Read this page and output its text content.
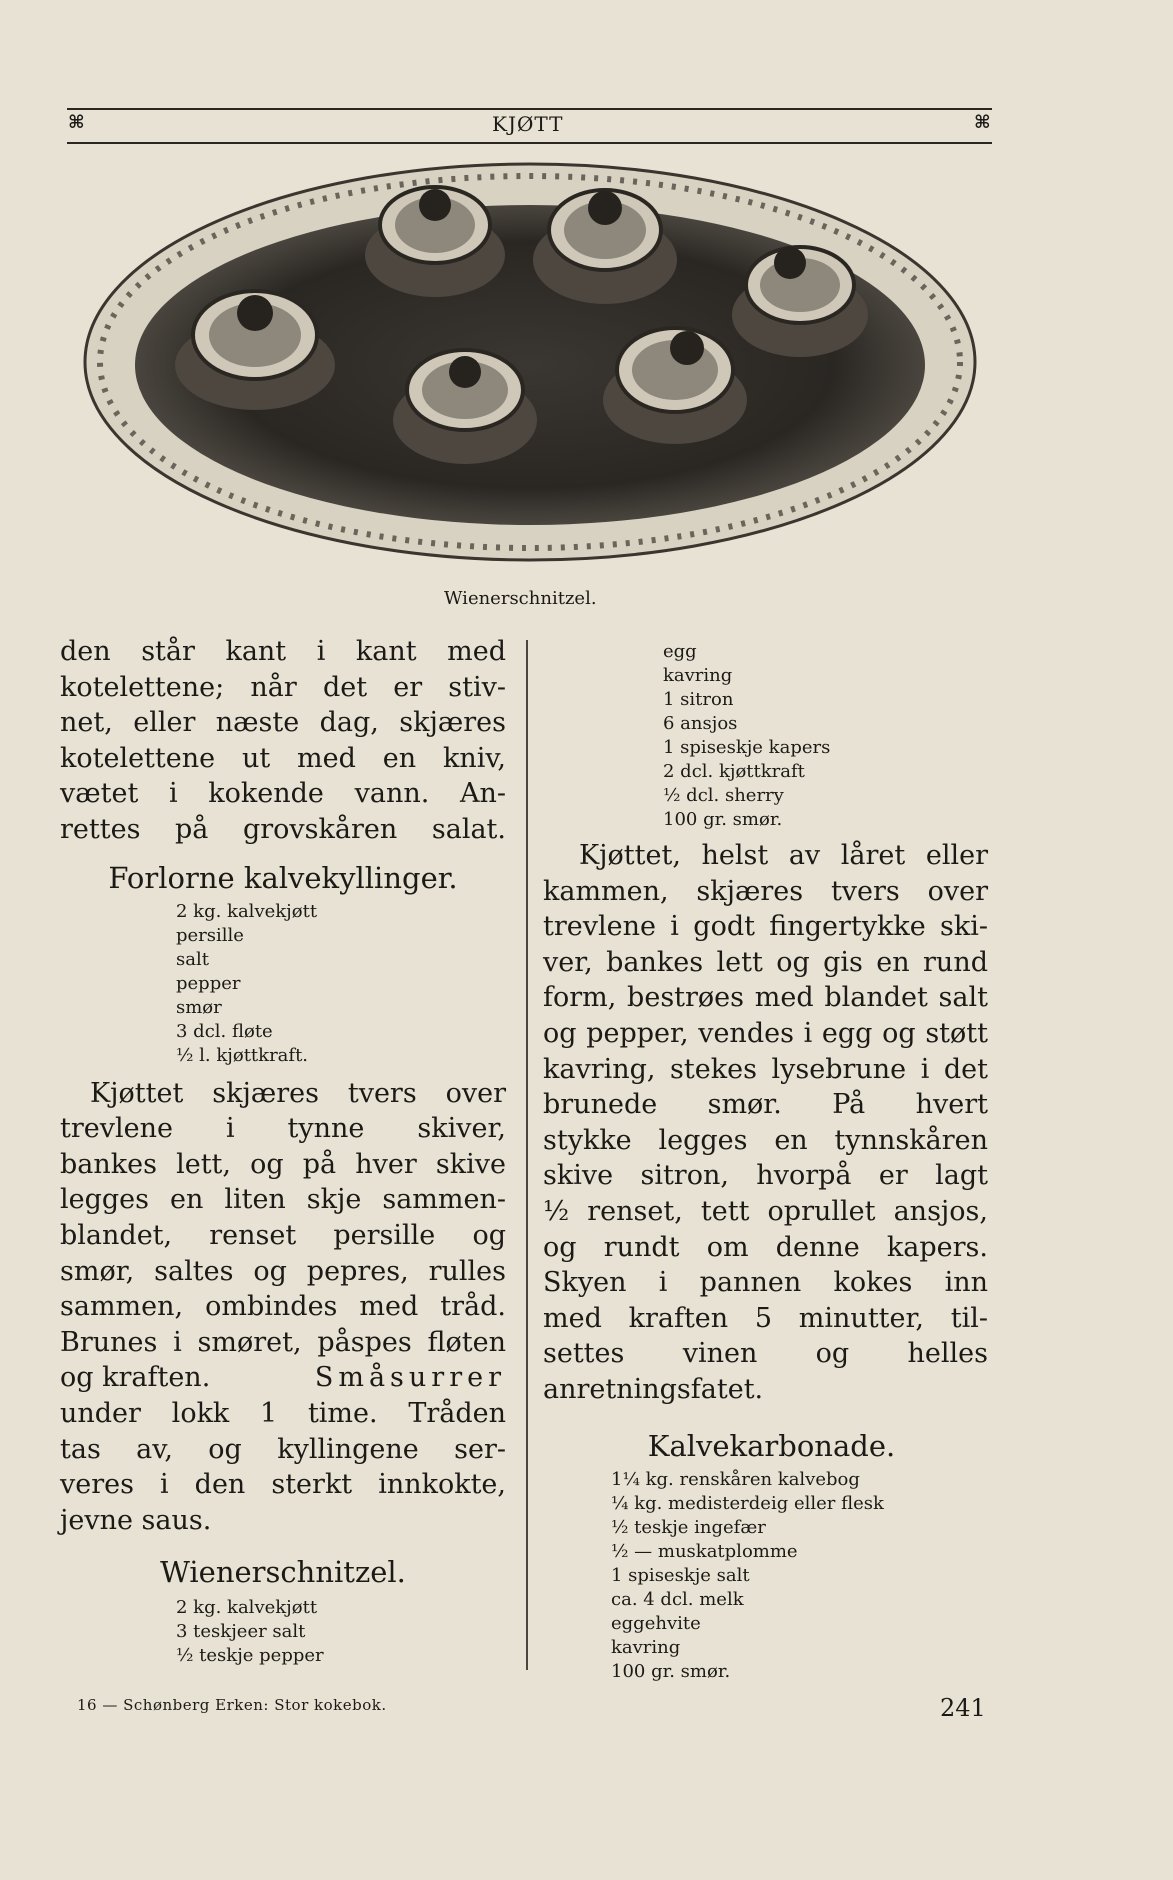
⌘	KJØTT	⌘
Wienerschnitzel.
den står kant i kant med
kotelettene; når det er stiv-
net, eller næste dag, skjæres
kotelettene ut med en kniv,
vætet i kokende vann. An-
rettes på grovskåren salat.
Forlorne kalvekyllinger.
2 kg. kalvekjøtt
persille
salt
pepper
smør
3 dcl. fløte
½ l. kjøttkraft.
Kjøttet skjæres tvers over
trevlene i tynne skiver,
bankes lett, og på hver skive
legges en liten skje sammen-
blandet, renset persille og
smør, saltes og pepres, rulles
sammen, ombindes med tråd.
Brunes i smøret, påspes fløten
og kraften.	Småsurrer
under lokk 1 time. Tråden
tas av, og kyllingene ser-
veres i den sterkt innkokte,
jevne saus.
Wienerschnitzel.
2 kg. kalvekjøtt
3 teskjeer salt
½ teskje pepper
egg
kavring
1 sitron
6 ansjos
1 spiseskje kapers
2 dcl. kjøttkraft
½ dcl. sherry
100 gr. smør.
Kjøttet, helst av låret eller
kammen, skjæres tvers over
trevlene i godt fingertykke ski-
ver, bankes lett og gis en rund
form, bestrøes med blandet salt
og pepper, vendes i egg og støtt
kavring, stekes lysebrune i det
brunede smør. På hvert
stykke legges en tynnskåren
skive sitron, hvorpå er lagt
½ renset, tett oprullet ansjos,
og rundt om denne kapers.
Skyen i pannen kokes inn
med kraften 5 minutter, til-
settes vinen og helles
anretningsfatet.
Kalvekarbonade.
1¼ kg. renskåren kalvebog
¼ kg. medisterdeig eller flesk
½ teskje ingefær
½ — muskatplomme
1 spiseskje salt
ca. 4 dcl. melk
eggehvite
kavring
100 gr. smør.
16 — Schønberg Erken: Stor kokebok.	241
